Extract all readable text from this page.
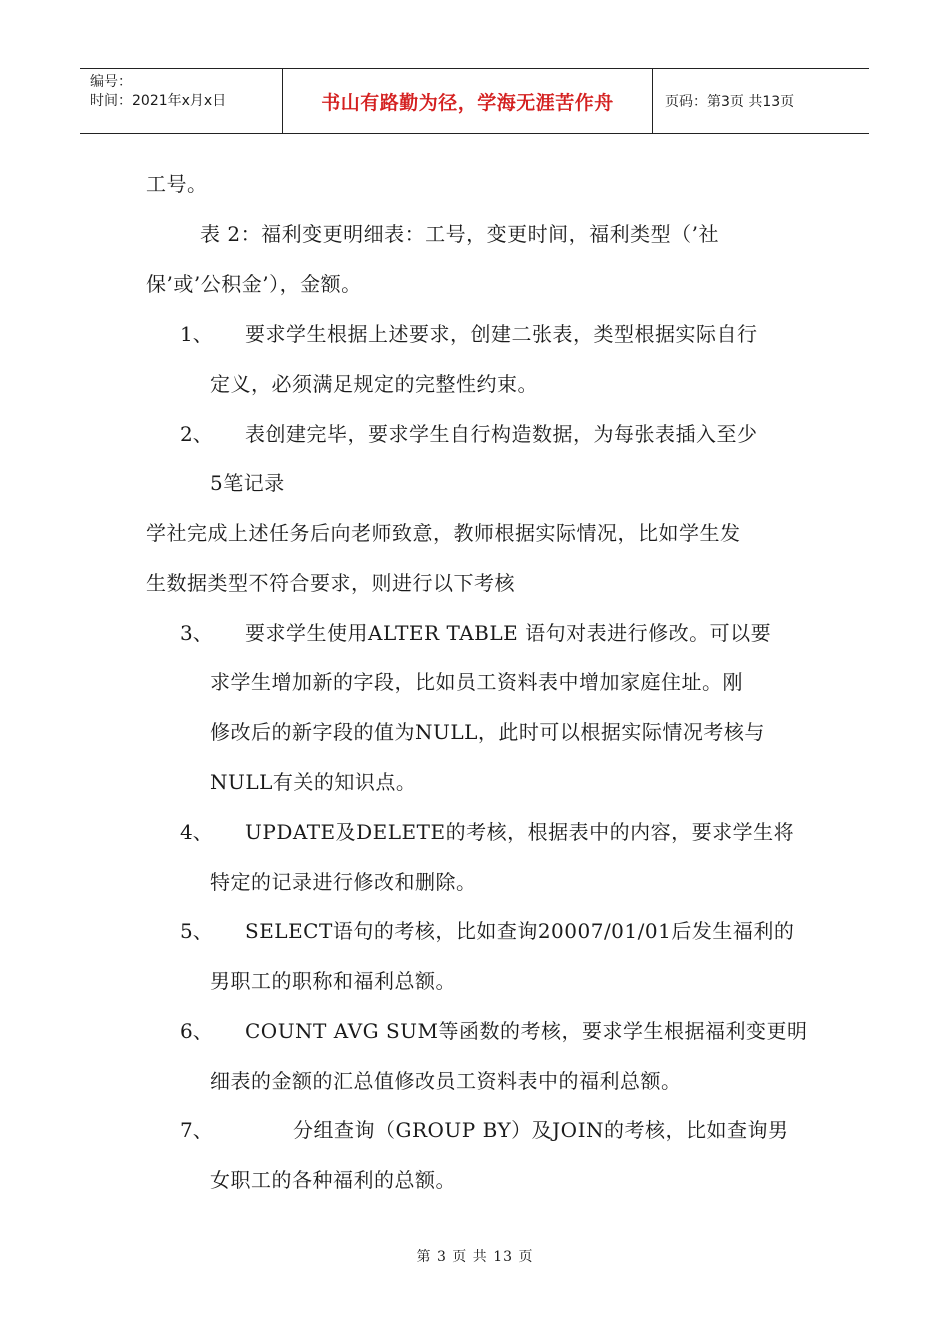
编号：
时间：2021年x月x日	书山有路勤为径，学海无涯苦作舟	页码：第3页 共13页
工号。
表 2：福利变更明细表：工号，变更时间，福利类型（’社
保’或’公积金’），金额。
1、 要求学生根据上述要求，创建二张表，类型根据实际自行
定义，必须满足规定的完整性约束。
2、 表创建完毕，要求学生自行构造数据，为每张表插入至少
5笔记录
学社完成上述任务后向老师致意，教师根据实际情况，比如学生发
生数据类型不符合要求，则进行以下考核
3、 要求学生使用ALTER TABLE 语句对表进行修改。可以要
求学生增加新的字段，比如员工资料表中增加家庭住址。刚
修改后的新字段的值为NULL，此时可以根据实际情况考核与
NULL有关的知识点。
4、 UPDATE及DELETE的考核，根据表中的内容，要求学生将
特定的记录进行修改和删除。
5、 SELECT语句的考核，比如查询20007/01/01后发生福利的
男职工的职称和福利总额。
6、 COUNT AVG SUM等函数的考核，要求学生根据福利变更明
细表的金额的汇总值修改员工资料表中的福利总额。
7、	分组查询（GROUP BY）及JOIN的考核，比如查询男
女职工的各种福利的总额。
第 3 页 共 13 页
